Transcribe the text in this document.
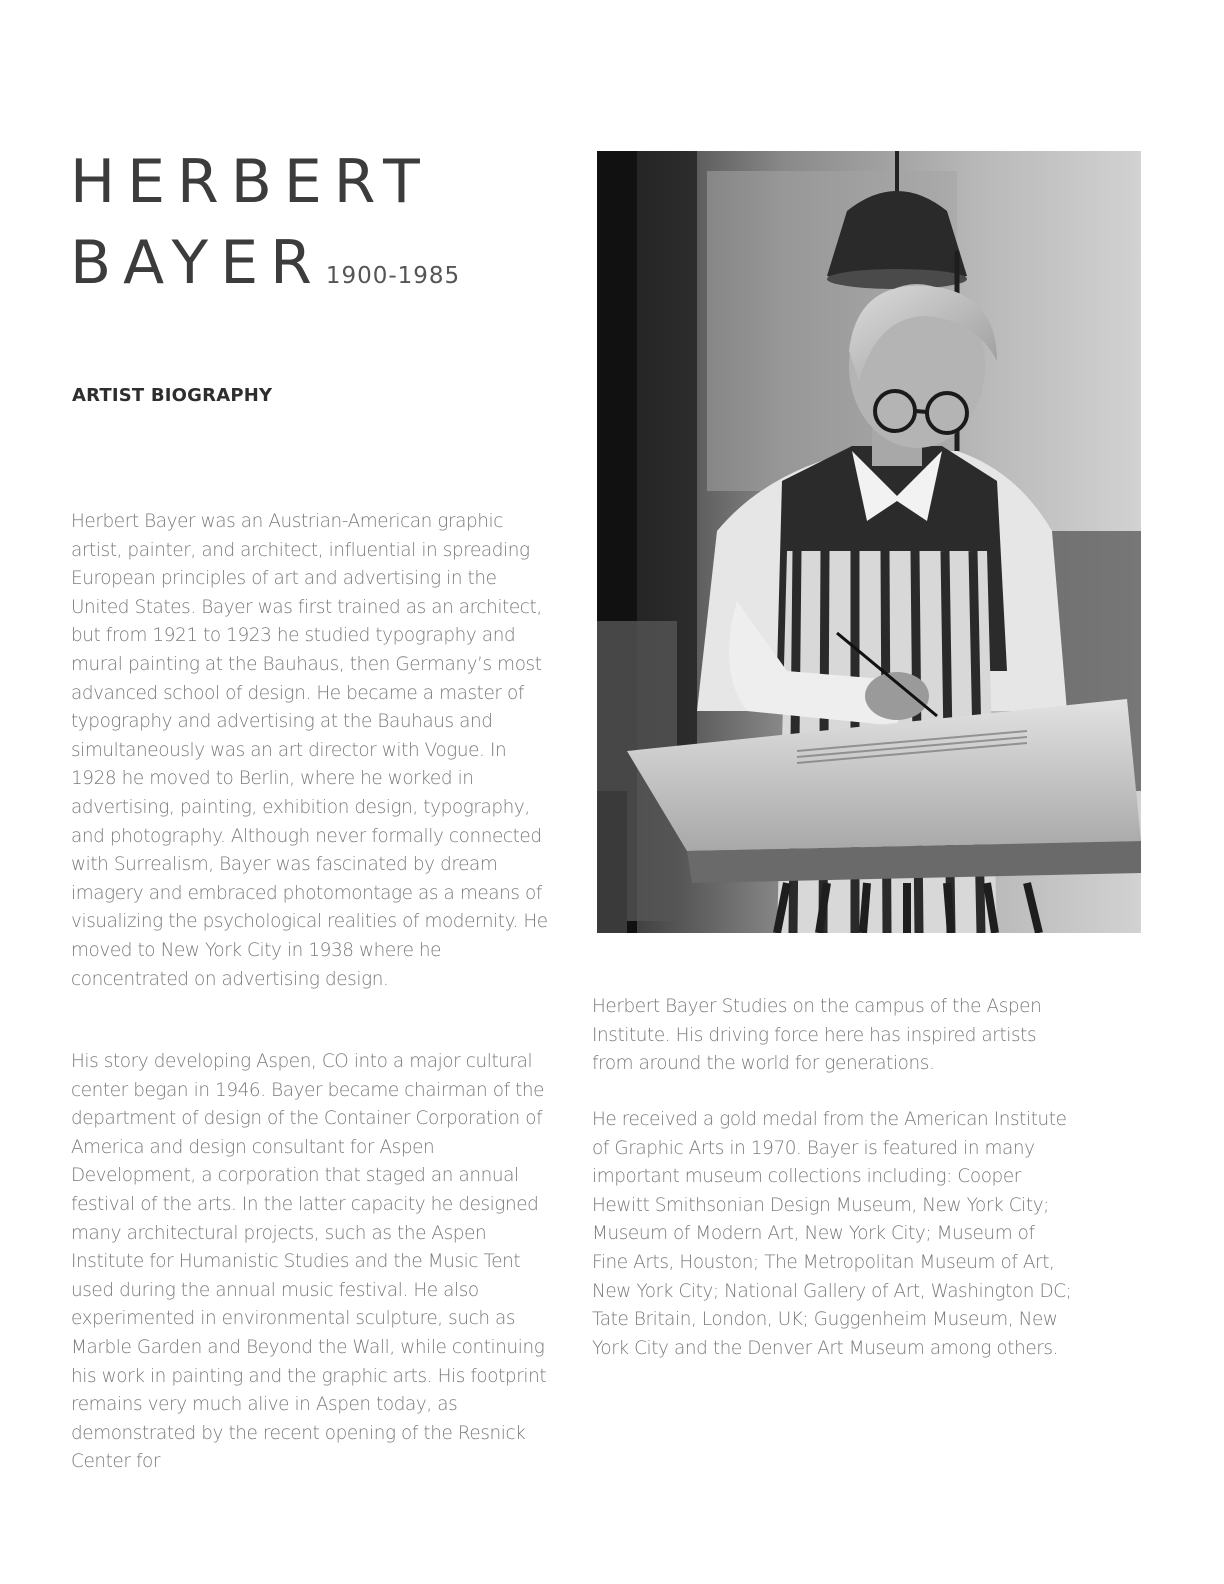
HERBERT
BAYER1900-1985
ARTIST BIOGRAPHY

Herbert Bayer was an Austrian-American graphic artist, painter, and architect, influential in spreading European principles of art and advertising in the United States. Bayer was first trained as an architect, but from 1921 to 1923 he studied typography and mural painting at the Bauhaus, then Germany’s most advanced school of design. He became a master of typography and advertising at the Bauhaus and simultaneously was an art director with Vogue. In 1928 he moved to Berlin, where he worked in advertising, painting, exhibition design, typography, and photography. Although never formally connected with Surrealism, Bayer was fascinated by dream imagery and embraced photomontage as a means of visualizing the psychological realities of modernity. He moved to New York City in 1938 where he concentrated on advertising design.

His story developing Aspen, CO into a major cultural center began in 1946. Bayer became chairman of the department of design of the Container Corporation of America and design consultant for Aspen Development, a corporation that staged an annual festival of the arts. In the latter capacity he designed many architectural projects, such as the Aspen Institute for Humanistic Studies and the Music Tent used during the annual music festival. He also experimented in environmental sculpture, such as Marble Garden and Beyond the Wall, while continuing his work in painting and the graphic arts. His footprint remains very much alive in Aspen today, as demonstrated by the recent opening of the Resnick Center for

Herbert Bayer Studies on the campus of the Aspen Institute. His driving force here has inspired artists from around the world for generations.

He received a gold medal from the American Institute of Graphic Arts in 1970. Bayer is featured in many important museum collections including: Cooper Hewitt Smithsonian Design Museum, New York City; Museum of Modern Art, New York City; Museum of Fine Arts, Houston; The Metropolitan Museum of Art, New York City; National Gallery of Art, Washington DC; Tate Britain, London, UK; Guggenheim Museum, New York City and the Denver Art Museum among others.
